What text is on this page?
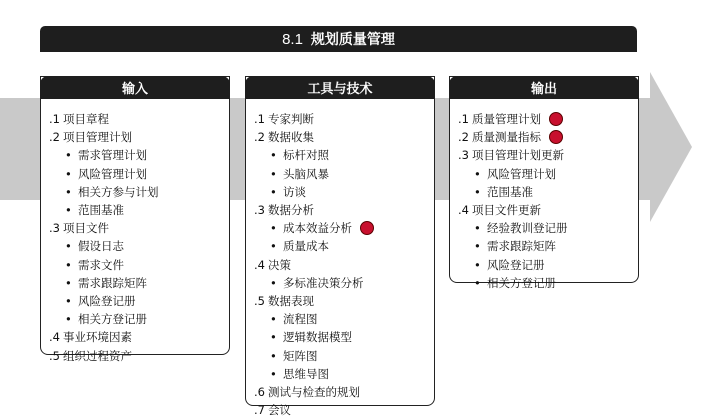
8.1 规划质量管理
输入
.1 项目章程
.2 项目管理计划
• 需求管理计划
• 风险管理计划
• 相关方参与计划
• 范围基准
.3 项目文件
• 假设日志
• 需求文件
• 需求跟踪矩阵
• 风险登记册
• 相关方登记册
.4 事业环境因素
.5 组织过程资产
工具与技术
.1 专家判断
.2 数据收集
• 标杆对照
• 头脑风暴
• 访谈
.3 数据分析
• 成本效益分析
• 质量成本
.4 决策
• 多标准决策分析
.5 数据表现
• 流程图
• 逻辑数据模型
• 矩阵图
• 思维导图
.6 测试与检查的规划
.7 会议
输出
.1 质量管理计划
.2 质量测量指标
.3 项目管理计划更新
• 风险管理计划
• 范围基准
.4 项目文件更新
• 经验教训登记册
• 需求跟踪矩阵
• 风险登记册
• 相关方登记册
